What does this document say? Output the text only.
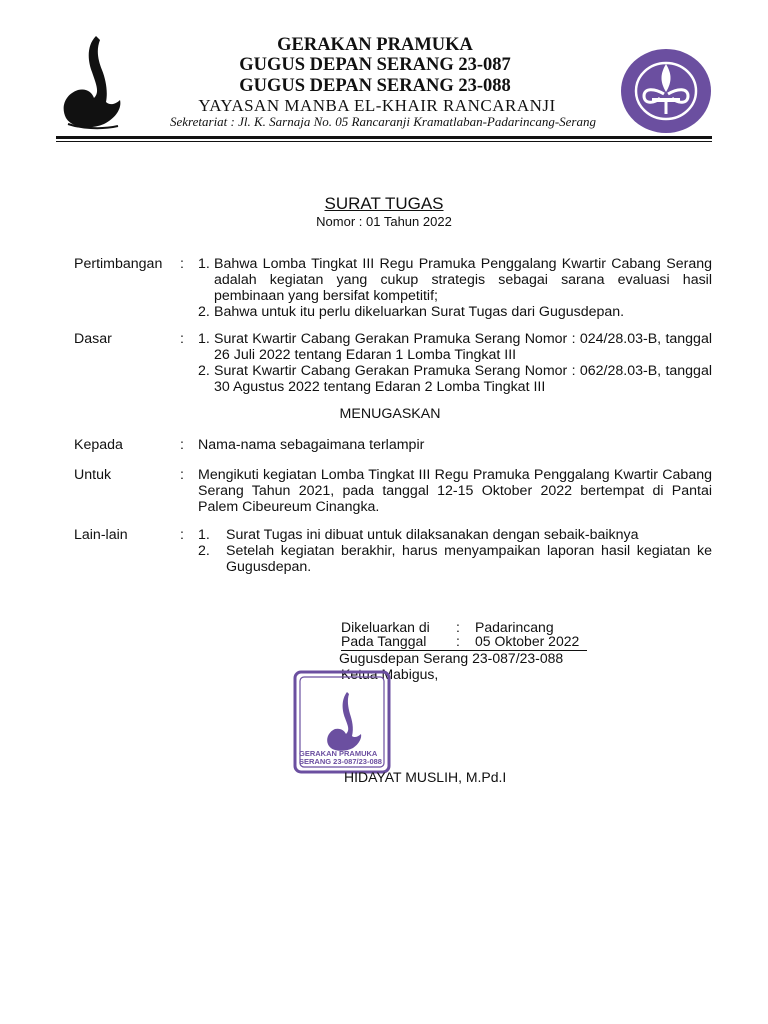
GERAKAN PRAMUKA
GUGUS DEPAN SERANG 23-087
GUGUS DEPAN SERANG 23-088
YAYASAN MANBA EL-KHAIR RANCARANJI
Sekretariat : Jl. K. Sarnaja No. 05 Rancaranji Kramatlaban-Padarincang-Serang
SURAT TUGAS
Nomor : 01 Tahun 2022
Pertimbangan : 1. Bahwa Lomba Tingkat III Regu Pramuka Penggalang Kwartir Cabang Serang adalah kegiatan yang cukup strategis sebagai sarana evaluasi hasil pembinaan yang bersifat kompetitif;
2. Bahwa untuk itu perlu dikeluarkan Surat Tugas dari Gugusdepan.
Dasar	: 1. Surat Kwartir Cabang Gerakan Pramuka Serang Nomor : 024/28.03-B, tanggal 26 Juli 2022 tentang Edaran 1 Lomba Tingkat III
2. Surat Kwartir Cabang Gerakan Pramuka Serang Nomor : 062/28.03-B, tanggal 30 Agustus 2022 tentang Edaran 2 Lomba Tingkat III
MENUGASKAN
Kepada	: Nama-nama sebagaimana terlampir
Untuk	: Mengikuti kegiatan Lomba Tingkat III Regu Pramuka Penggalang Kwartir Cabang Serang Tahun 2021, pada tanggal 12-15 Oktober 2022 bertempat di Pantai Palem Cibeureum Cinangka.
Lain-lain	: 1.	Surat Tugas ini dibuat untuk dilaksanakan dengan sebaik-baiknya
2.	Setelah kegiatan berakhir, harus menyampaikan laporan hasil kegiatan ke Gugusdepan.
Dikeluarkan di : Padarincang
Pada Tanggal : 05 Oktober 2022
Gugusdepan Serang 23-087/23-088
Ketua Mabigus,
GERAKAN PRAMUKA
SERANG 23-087/23-088
HIDAYAT MUSLIH, M.Pd.I
